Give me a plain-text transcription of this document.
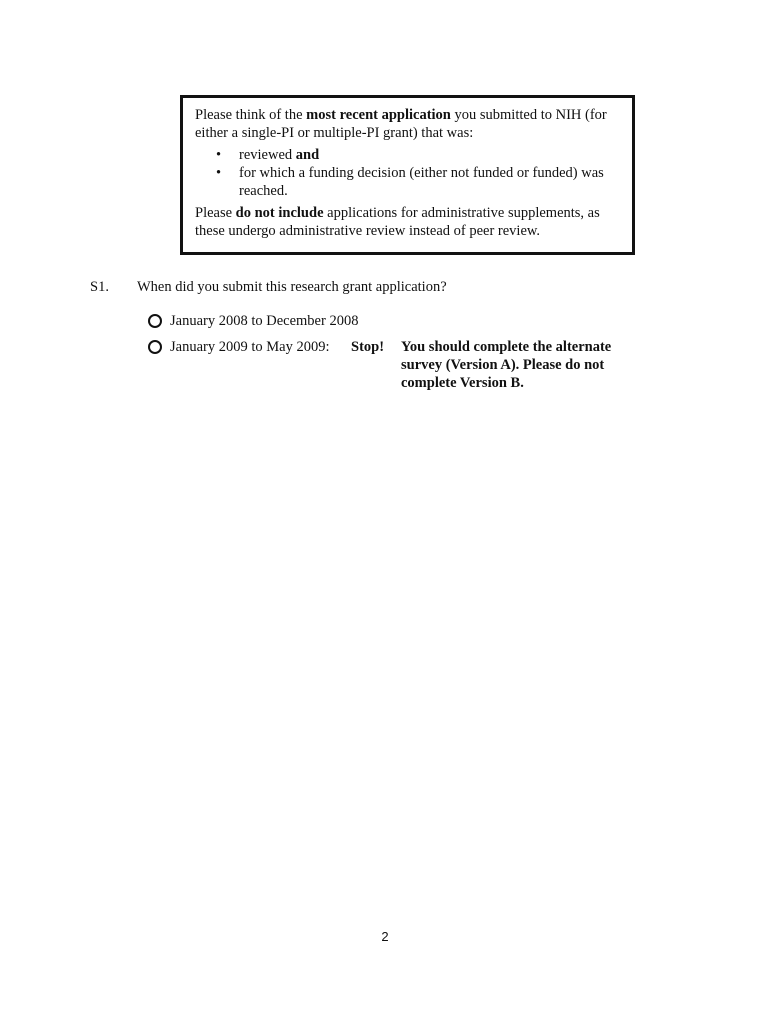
Please think of the most recent application you submitted to NIH (for either a single-PI or multiple-PI grant) that was:

• reviewed and
• for which a funding decision (either not funded or funded) was reached.

Please do not include applications for administrative supplements, as these undergo administrative review instead of peer review.

S1. When did you submit this research grant application?
January 2008 to December 2008
January 2009 to May 2009: Stop! You should complete the alternate survey (Version A). Please do not complete Version B.
2
